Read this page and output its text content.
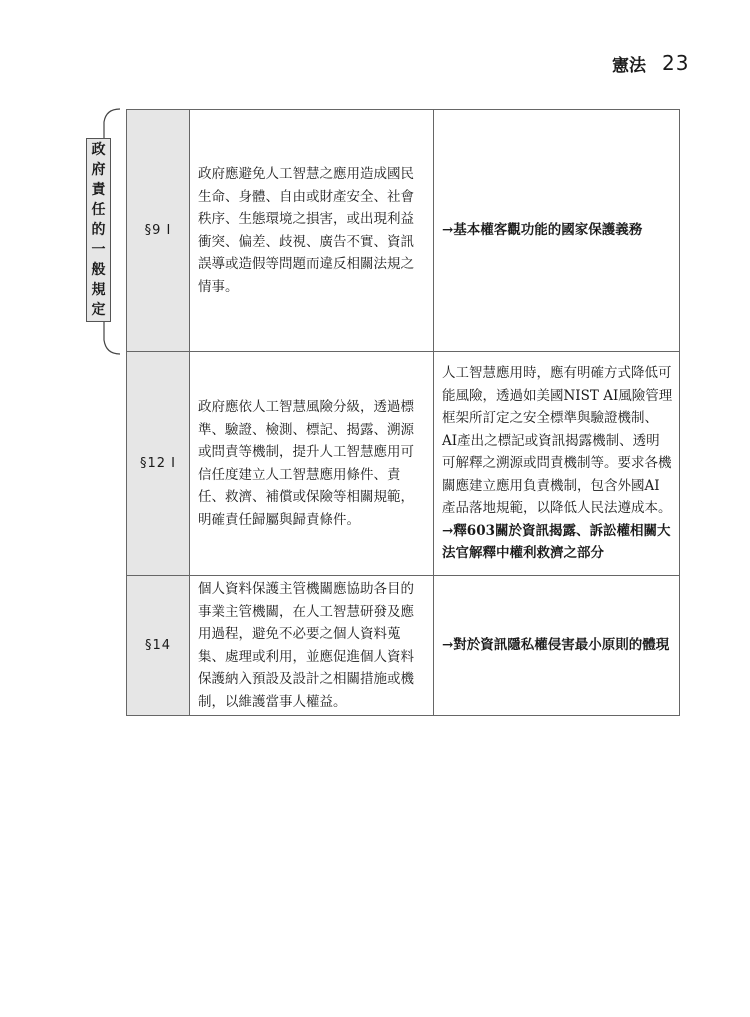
憲法 23
政
府
責
任
的
一
般
規
定
§9 I	政府應避免人工智慧之應用造成國民生命、身體、自由或財產安全、社會秩序、生態環境之損害，或出現利益衝突、偏差、歧視、廣告不實、資訊誤導或造假等問題而違反相關法規之情事。	→基本權客觀功能的國家保護義務
§12 I	政府應依人工智慧風險分級，透過標準、驗證、檢測、標記、揭露、溯源或問責等機制，提升人工智慧應用可信任度建立人工智慧應用條件、責任、救濟、補償或保險等相關規範，明確責任歸屬與歸責條件。	人工智慧應用時，應有明確方式降低可能風險，透過如美國NIST AI風險管理框架所訂定之安全標準與驗證機制、AI產出之標記或資訊揭露機制、透明可解釋之溯源或問責機制等。要求各機關應建立應用負責機制，包含外國AI產品落地規範，以降低人民法遵成本。→釋603關於資訊揭露、訴訟權相關大法官解釋中權利救濟之部分
§14	個人資料保護主管機關應協助各目的事業主管機關，在人工智慧研發及應用過程，避免不必要之個人資料蒐集、處理或利用，並應促進個人資料保護納入預設及設計之相關措施或機制，以維護當事人權益。	→對於資訊隱私權侵害最小原則的體現
